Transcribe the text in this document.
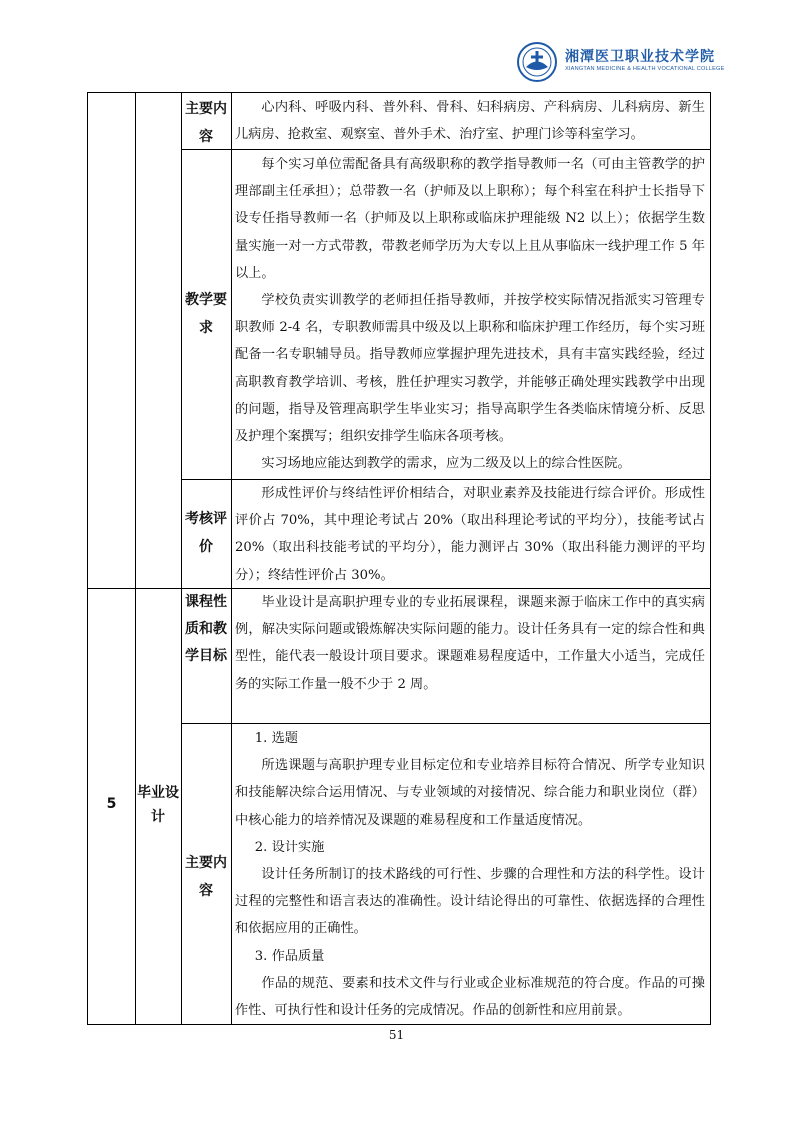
湘潭医卫职业技术学院
XIANGTAN MEDICINE & HEALTH VOCATIONAL COLLEGE
主要内容

心内科、呼吸内科、普外科、骨科、妇科病房、产科病房、儿科病房、新生儿病房、抢救室、观察室、普外手术、治疗室、护理门诊等科室学习。

教学要求

每个实习单位需配备具有高级职称的教学指导教师一名（可由主管教学的护理部副主任承担）；总带教一名（护师及以上职称）；每个科室在科护士长指导下设专任指导教师一名（护师及以上职称或临床护理能级 N2 以上）；依据学生数量实施一对一方式带教，带教老师学历为大专以上且从事临床一线护理工作 5 年以上。

学校负责实训教学的老师担任指导教师，并按学校实际情况指派实习管理专职教师 2-4 名，专职教师需具中级及以上职称和临床护理工作经历，每个实习班配备一名专职辅导员。指导教师应掌握护理先进技术，具有丰富实践经验，经过高职教育教学培训、考核，胜任护理实习教学，并能够正确处理实践教学中出现的问题，指导及管理高职学生毕业实习；指导高职学生各类临床情境分析、反思及护理个案撰写；组织安排学生临床各项考核。

实习场地应能达到教学的需求，应为二级及以上的综合性医院。

考核评价

形成性评价与终结性评价相结合，对职业素养及技能进行综合评价。形成性评价占 70%，其中理论考试占 20%（取出科理论考试的平均分），技能考试占 20%（取出科技能考试的平均分），能力测评占 30%（取出科能力测评的平均分）；终结性评价占 30%。

5
毕业设计
课程性质和教学目标

毕业设计是高职护理专业的专业拓展课程，课题来源于临床工作中的真实病例，解决实际问题或锻炼解决实际问题的能力。设计任务具有一定的综合性和典型性，能代表一般设计项目要求。课题难易程度适中，工作量大小适当，完成任务的实际工作量一般不少于 2 周。

主要内容

1. 选题

所选课题与高职护理专业目标定位和专业培养目标符合情况、所学专业知识和技能解决综合运用情况、与专业领域的对接情况、综合能力和职业岗位（群）中核心能力的培养情况及课题的难易程度和工作量适度情况。

2. 设计实施

设计任务所制订的技术路线的可行性、步骤的合理性和方法的科学性。设计过程的完整性和语言表达的准确性。设计结论得出的可靠性、依据选择的合理性和依据应用的正确性。

3. 作品质量

作品的规范、要素和技术文件与行业或企业标准规范的符合度。作品的可操作性、可执行性和设计任务的完成情况。作品的创新性和应用前景。

51
